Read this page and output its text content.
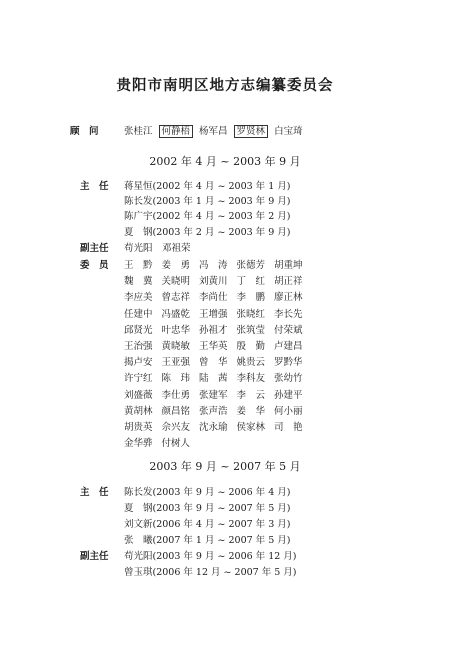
贵阳市南明区地方志编纂委员会
顾　问	张桂江 何静梧 杨军昌 罗贤林 白宝琦
2002 年 4 月 ~ 2003 年 9 月
主　任 蒋星恒(2002 年 4 月 ~ 2003 年 1 月)
陈长发(2003 年 1 月 ~ 2003 年 9 月)
陈广宇(2002 年 4 月 ~ 2003 年 2 月)
夏　钢(2003 年 2 月 ~ 2003 年 9 月)
副主任 苟光阳　邓祖荣
委　员 王　黔 姜　勇 冯　涛 张德芳 胡重坤
魏　冀 关晓明 刘黄川 丁　红 胡正祥
李应美 曾志祥 李尚仕 李　鹏 廖正林
任建中 冯盛乾 王增强 张晓红 李长先
邱贤光 叶忠华 孙祖才 张筑莹 付荣斌
王治强 黄晓敏 王华英 殷　勤 卢建昌
揭卢安 王亚强 曾　华 姚贵云 罗黔华
许宁红 陈　玮 陆　茜 李科友 张幼竹
刘盛薇 李仕勇 张建军 李　云 孙建平
黄胡林 颜昌铭 张声浩 姜　华 何小丽
胡贵英 佘兴友 沈永瑜 侯家林 司　艳
金华骅 付树人
2003 年 9 月 ~ 2007 年 5 月
主　任 陈长发(2003 年 9 月 ~ 2006 年 4 月)
夏　钢(2003 年 9 月 ~ 2007 年 5 月)
刘文新(2006 年 4 月 ~ 2007 年 3 月)
张　曦(2007 年 1 月 ~ 2007 年 5 月)
副主任 苟光阳(2003 年 9 月 ~ 2006 年 12 月)
曾玉琪(2006 年 12 月 ~ 2007 年 5 月)
